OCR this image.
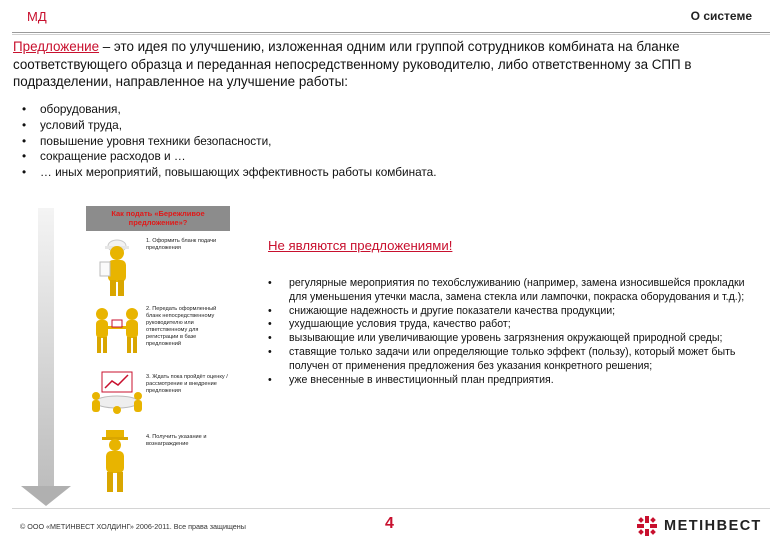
МД	О системе
Предложение – это идея по улучшению, изложенная одним или группой сотрудников комбината на бланке соответствующего образца и переданная непосредственному руководителю, либо ответственному за СПП в подразделении, направленное на улучшение работы:
• оборудования,
• условий труда,
• повышение уровня техники безопасности,
• сокращение расходов и …
• … иных мероприятий, повышающих эффективность работы комбината.
Как подать «Бережливое предложение»?
1. Оформить бланк подачи предложения
2. Передать оформленный бланк непосредственному руководителю или ответственному для регистрации в базе предложений
3. Ждать пока пройдёт оценку / рассмотрение и внедрение предложения
4. Получить указание и вознаграждение
Не являются предложениями!
• регулярные мероприятия по техобслуживанию (например, замена износившейся прокладки для уменьшения утечки масла, замена стекла или лампочки, покраска оборудования и т.д.);
• снижающие надежность и другие показатели качества продукции;
• ухудшающие условия труда, качество работ;
• вызывающие или увеличивающие уровень загрязнения окружающей природной среды;
• ставящие только задачи или определяющие только эффект (пользу), который может быть получен от применения предложения без указания конкретного решения;
• уже внесенные в инвестиционный план предприятия.
© ООО «МЕТИНВЕСТ ХОЛДИНГ» 2006-2011. Все права защищены	4	МЕТІНВЕСТ
